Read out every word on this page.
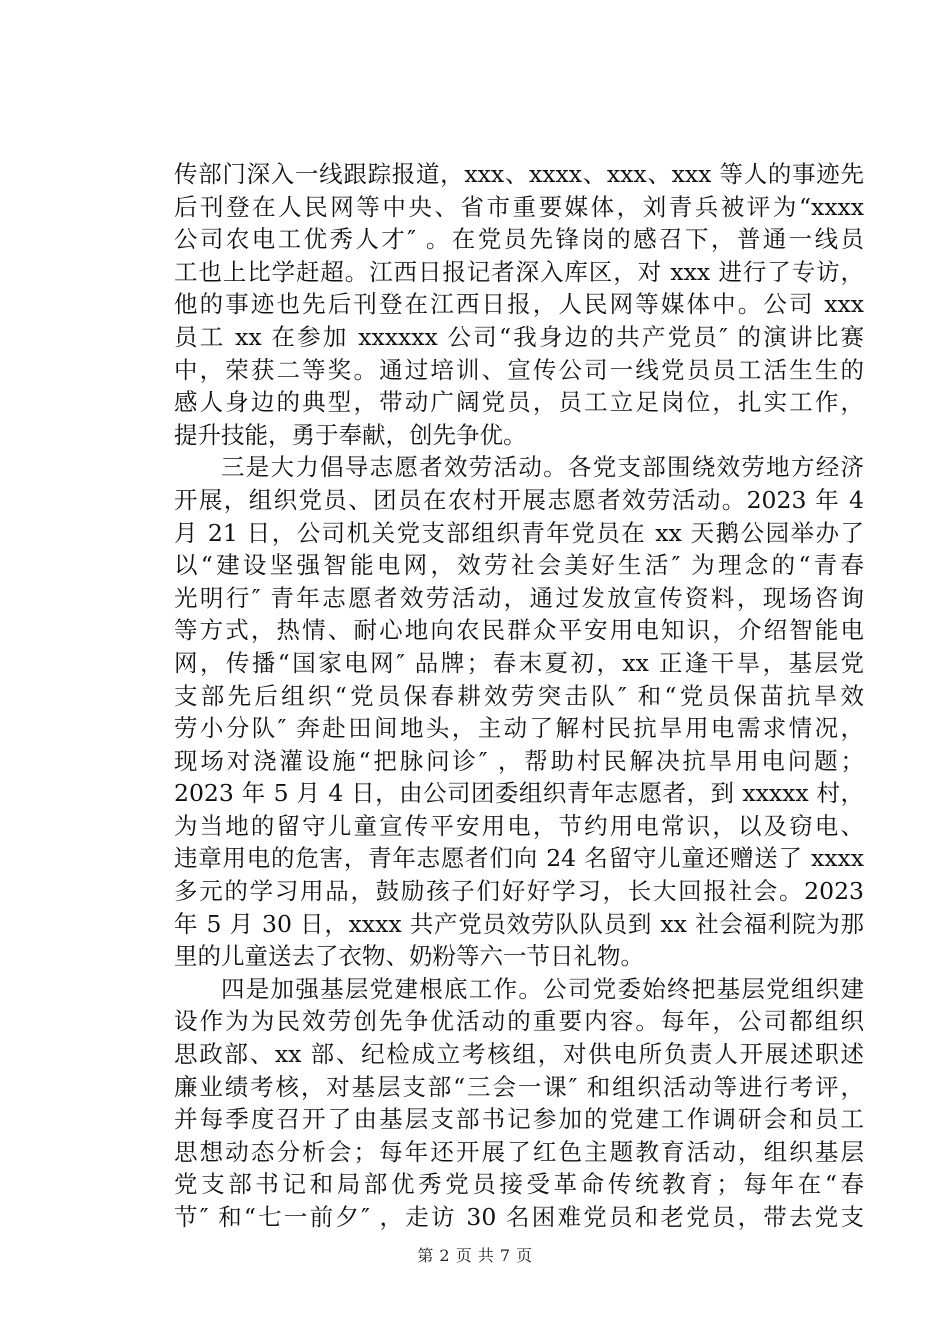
传部门深入一线跟踪报道，xxx、xxxx、xxx、xxx 等人的事迹先
后刊登在人民网等中央、省市重要媒体，刘青兵被评为“xxxx
公司农电工优秀人才″ 。在党员先锋岗的感召下，普通一线员
工也上比学赶超。江西日报记者深入库区，对 xxx 进行了专访，
他的事迹也先后刊登在江西日报，人民网等媒体中。公司 xxx
员工 xx 在参加 xxxxxx 公司“我身边的共产党员″ 的演讲比赛
中，荣获二等奖。通过培训、宣传公司一线党员员工活生生的
感人身边的典型，带动广阔党员，员工立足岗位，扎实工作，
提升技能，勇于奉献，创先争优。
三是大力倡导志愿者效劳活动。各党支部围绕效劳地方经济
开展，组织党员、团员在农村开展志愿者效劳活动。2023 年 4
月 21 日，公司机关党支部组织青年党员在 xx 天鹅公园举办了
以“建设坚强智能电网，效劳社会美好生活″ 为理念的“青春
光明行″ 青年志愿者效劳活动，通过发放宣传资料，现场咨询
等方式，热情、耐心地向农民群众平安用电知识，介绍智能电
网，传播“国家电网″ 品牌；春末夏初，xx 正逢干旱，基层党
支部先后组织“党员保春耕效劳突击队″ 和“党员保苗抗旱效
劳小分队″ 奔赴田间地头，主动了解村民抗旱用电需求情况，
现场对浇灌设施“把脉问诊″ ，帮助村民解决抗旱用电问题；
2023 年 5 月 4 日，由公司团委组织青年志愿者，到 xxxxx 村，
为当地的留守儿童宣传平安用电，节约用电常识，以及窃电、
违章用电的危害，青年志愿者们向 24 名留守儿童还赠送了 xxxx
多元的学习用品，鼓励孩子们好好学习，长大回报社会。2023
年 5 月 30 日，xxxx 共产党员效劳队队员到 xx 社会福利院为那
里的儿童送去了衣物、奶粉等六一节日礼物。
四是加强基层党建根底工作。公司党委始终把基层党组织建
设作为为民效劳创先争优活动的重要内容。每年，公司都组织
思政部、xx 部、纪检成立考核组，对供电所负责人开展述职述
廉业绩考核，对基层支部“三会一课″ 和组织活动等进行考评，
并每季度召开了由基层支部书记参加的党建工作调研会和员工
思想动态分析会；每年还开展了红色主题教育活动，组织基层
党支部书记和局部优秀党员接受革命传统教育；每年在“春
节″ 和“七一前夕″ ，走访 30 名困难党员和老党员，带去党支
第 2 页 共 7 页
